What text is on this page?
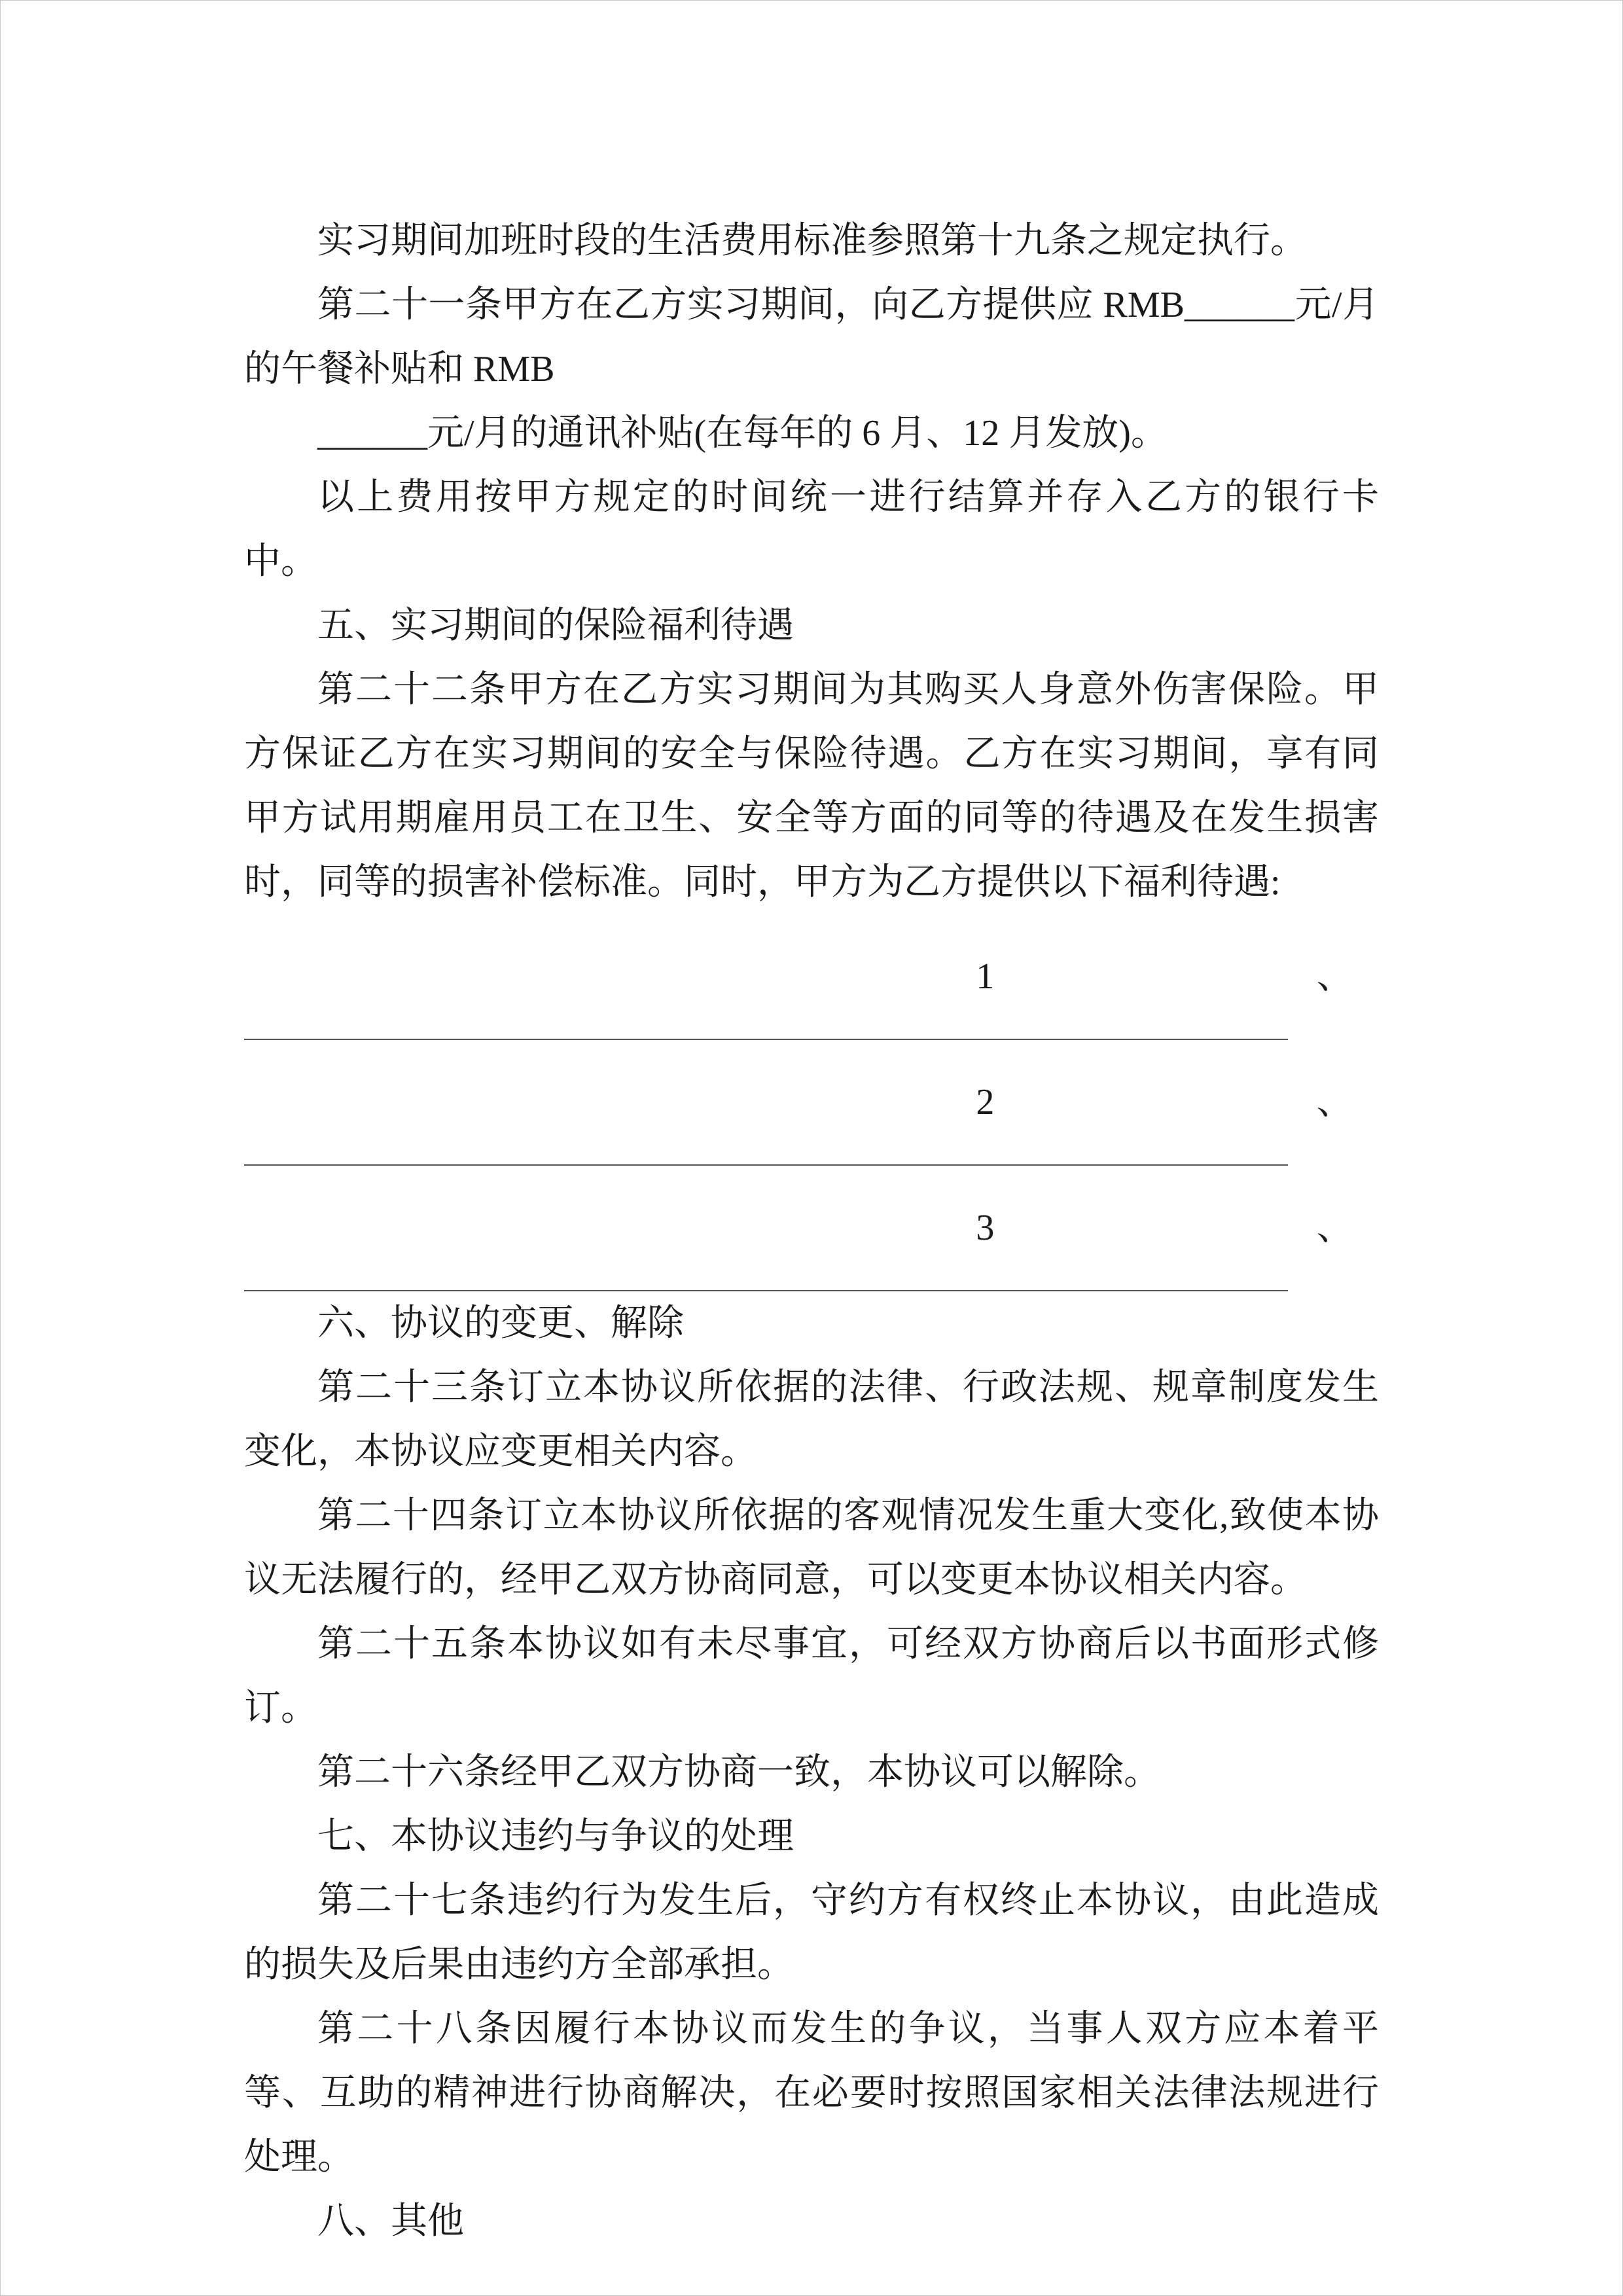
实习期间加班时段的生活费用标准参照第十九条之规定执行。

第二十一条甲方在乙方实习期间，向乙方提供应 RMB______元/月的午餐补贴和 RMB

______元/月的通讯补贴(在每年的 6 月、12 月发放)。

以上费用按甲方规定的时间统一进行结算并存入乙方的银行卡中。

五、实习期间的保险福利待遇

第二十二条甲方在乙方实习期间为其购买人身意外伤害保险。甲方保证乙方在实习期间的安全与保险待遇。乙方在实习期间，享有同甲方试用期雇用员工在卫生、安全等方面的同等的待遇及在发生损害时，同等的损害补偿标准。同时，甲方为乙方提供以下福利待遇:

1	、
2	、
3	、

六、协议的变更、解除

第二十三条订立本协议所依据的法律、行政法规、规章制度发生变化，本协议应变更相关内容。

第二十四条订立本协议所依据的客观情况发生重大变化,致使本协议无法履行的，经甲乙双方协商同意，可以变更本协议相关内容。

第二十五条本协议如有未尽事宜，可经双方协商后以书面形式修订。

第二十六条经甲乙双方协商一致，本协议可以解除。

七、本协议违约与争议的处理

第二十七条违约行为发生后，守约方有权终止本协议，由此造成的损失及后果由违约方全部承担。

第二十八条因履行本协议而发生的争议，当事人双方应本着平等、互助的精神进行协商解决，在必要时按照国家相关法律法规进行处理。

八、其他
